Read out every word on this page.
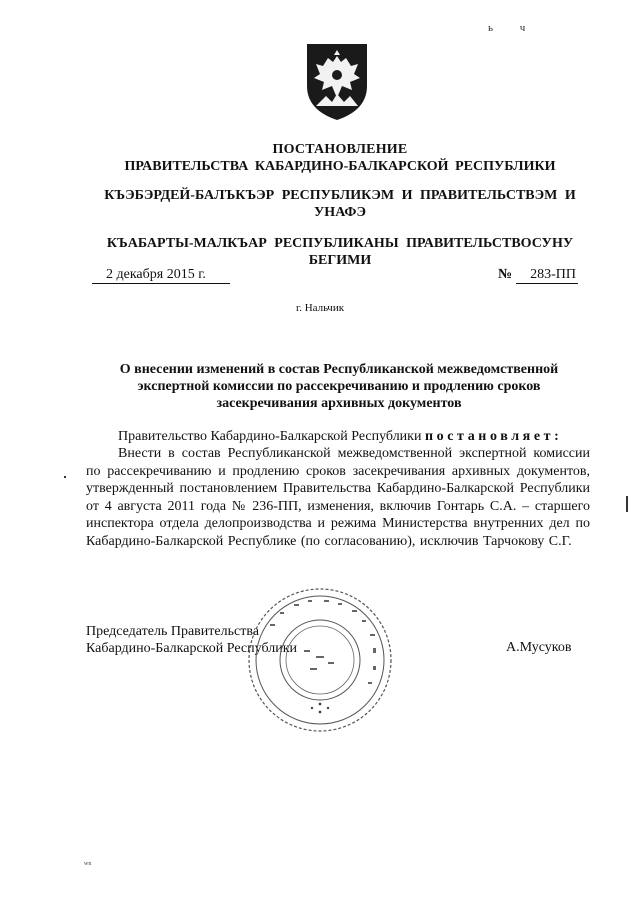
ь ч
ПОСТАНОВЛЕНИЕ
ПРАВИТЕЛЬСТВА КАБАРДИНО-БАЛКАРСКОЙ РЕСПУБЛИКИ
КЪЭБЭРДЕЙ-БАЛЪКЪЭР РЕСПУБЛИКЭМ И ПРАВИТЕЛЬСТВЭМ И УНАФЭ
КЪАБАРТЫ-МАЛКЪАР РЕСПУБЛИКАНЫ ПРАВИТЕЛЬСТВОСУНУ БЕГИМИ
2 декабря 2015 г.	№	283-ПП
г. Нальчик
О внесении изменений в состав Республиканской межведомственной экспертной комиссии по рассекречиванию и продлению сроков засекречивания архивных документов
Правительство Кабардино-Балкарской Республики постановляет:

Внести в состав Республиканской межведомственной экспертной комиссии по рассекречиванию и продлению сроков засекречивания архивных документов, утвержденный постановлением Правительства Кабардино-Балкарской Республики от 4 августа 2011 года № 236-ПП, изменения, включив Гонтарь С.А. – старшего инспектора отдела делопроизводства и режима Министерства внутренних дел по Кабардино-Балкарской Республике (по согласованию), исключив Тарчокову С.Г.

Председатель Правительства
Кабардино-Балкарской Республики	А.Мусуков
wn
